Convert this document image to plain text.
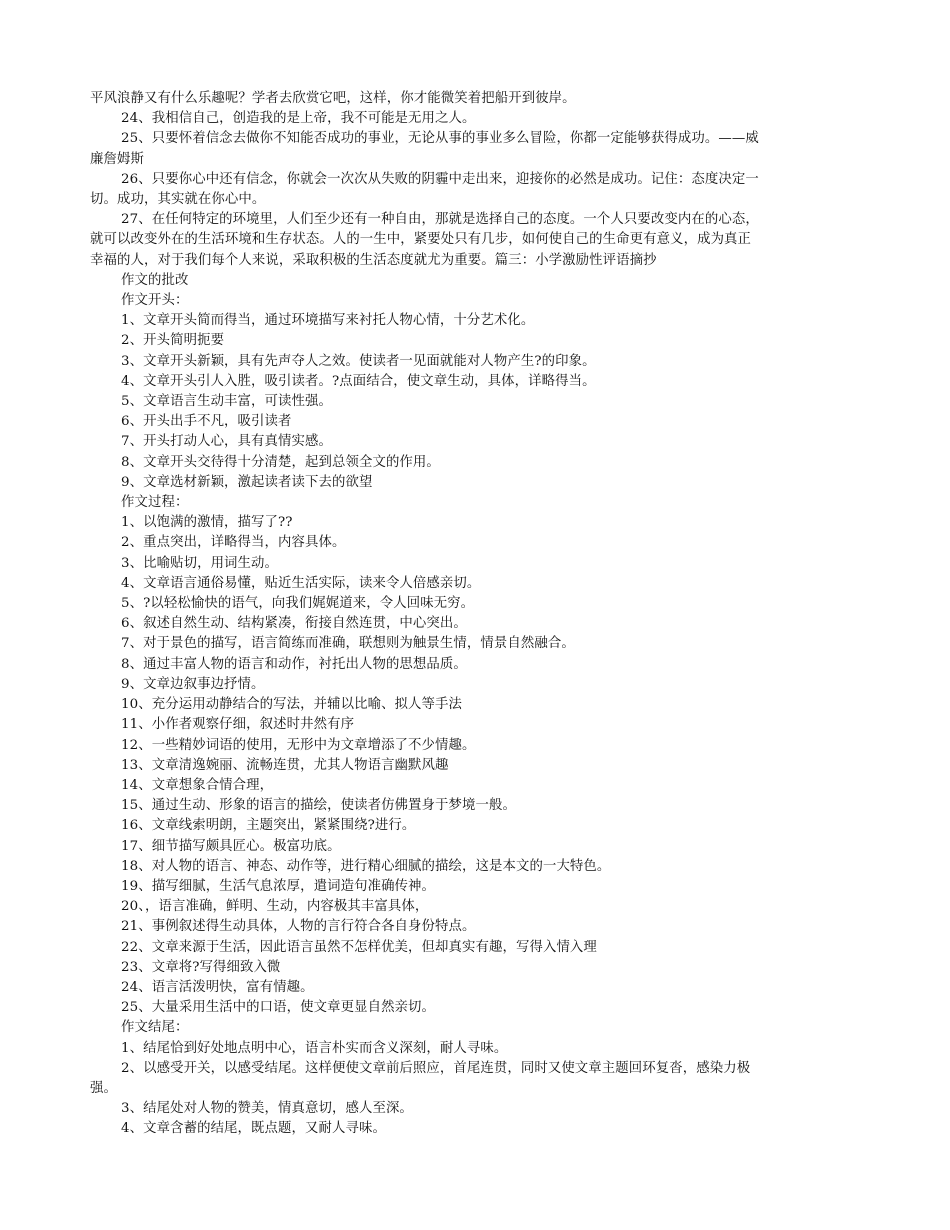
平风浪静又有什么乐趣呢？学者去欣赏它吧，这样，你才能微笑着把船开到彼岸。
24、我相信自己，创造我的是上帝，我不可能是无用之人。
25、只要怀着信念去做你不知能否成功的事业，无论从事的事业多么冒险，你都一定能够获得成功。——威
廉詹姆斯
26、只要你心中还有信念，你就会一次次从失败的阴霾中走出来，迎接你的必然是成功。记住：态度决定一
切。成功，其实就在你心中。
27、在任何特定的环境里，人们至少还有一种自由，那就是选择自己的态度。一个人只要改变内在的心态，
就可以改变外在的生活环境和生存状态。人的一生中，紧要处只有几步，如何使自己的生命更有意义，成为真正
幸福的人，对于我们每个人来说，采取积极的生活态度就尤为重要。篇三：小学激励性评语摘抄
作文的批改
作文开头：
1、文章开头简而得当，通过环境描写来衬托人物心情，十分艺术化。
2、开头简明扼要
3、文章开头新颖，具有先声夺人之效。使读者一见面就能对人物产生?的印象。
4、文章开头引人入胜，吸引读者。?点面结合，使文章生动，具体，详略得当。
5、文章语言生动丰富，可读性强。
6、开头出手不凡，吸引读者
7、开头打动人心，具有真情实感。
8、文章开头交待得十分清楚，起到总领全文的作用。
9、文章选材新颖，激起读者读下去的欲望
作文过程：
1、以饱满的激情，描写了??
2、重点突出，详略得当，内容具体。
3、比喻贴切，用词生动。
4、文章语言通俗易懂，贴近生活实际，读来令人倍感亲切。
5、?以轻松愉快的语气，向我们娓娓道来，令人回味无穷。
6、叙述自然生动、结构紧凑，衔接自然连贯，中心突出。
7、对于景色的描写，语言简练而准确，联想则为触景生情，情景自然融合。
8、通过丰富人物的语言和动作，衬托出人物的思想品质。
9、文章边叙事边抒情。
10、充分运用动静结合的写法，并辅以比喻、拟人等手法
11、小作者观察仔细，叙述时井然有序
12、一些精妙词语的使用，无形中为文章增添了不少情趣。
13、文章清逸婉丽、流畅连贯，尤其人物语言幽默风趣
14、文章想象合情合理，
15、通过生动、形象的语言的描绘，使读者仿佛置身于梦境一般。
16、文章线索明朗，主题突出，紧紧围绕?进行。
17、细节描写颇具匠心。极富功底。
18、对人物的语言、神态、动作等，进行精心细腻的描绘，这是本文的一大特色。
19、描写细腻，生活气息浓厚，遣词造句准确传神。
20、，语言准确，鲜明、生动，内容极其丰富具体，
21、事例叙述得生动具体，人物的言行符合各自身份特点。
22、文章来源于生活，因此语言虽然不怎样优美，但却真实有趣，写得入情入理
23、文章将?写得细致入微
24、语言活泼明快，富有情趣。
25、大量采用生活中的口语，使文章更显自然亲切。
作文结尾：
1、结尾恰到好处地点明中心，语言朴实而含义深刻，耐人寻味。
2、以感受开关，以感受结尾。这样便使文章前后照应，首尾连贯，同时又使文章主题回环复沓，感染力极
强。
3、结尾处对人物的赞美，情真意切，感人至深。
4、文章含蓄的结尾，既点题，又耐人寻味。
